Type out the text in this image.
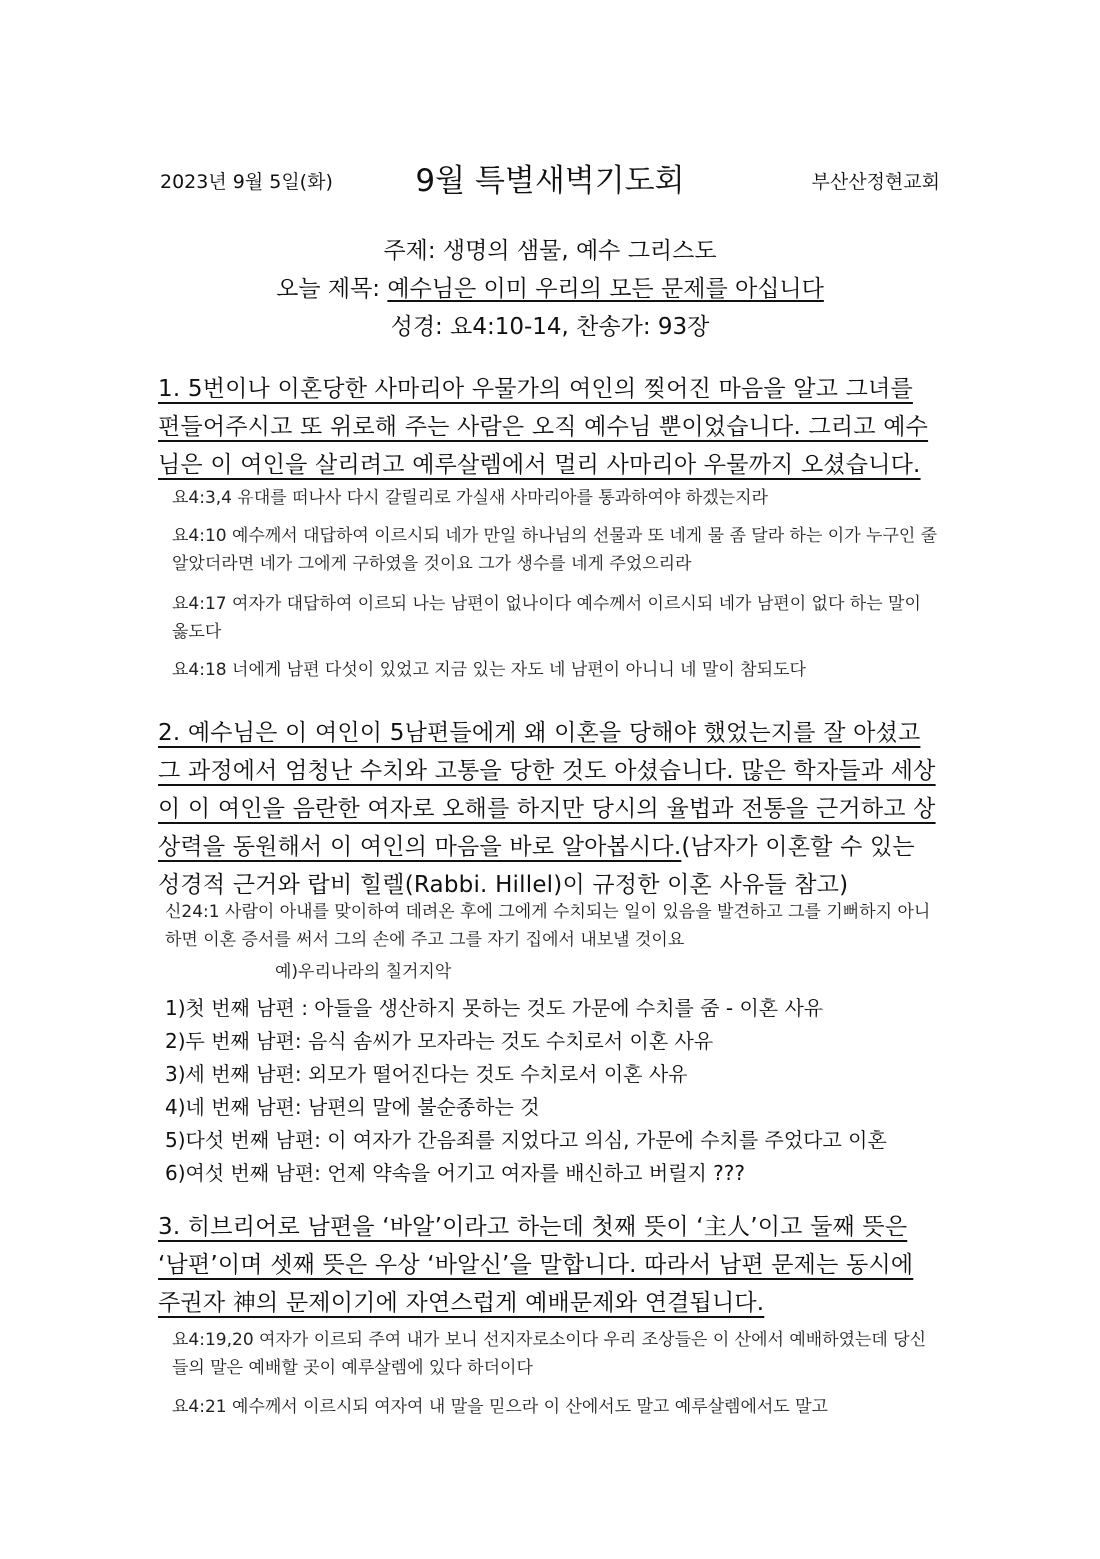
9월 특별새벽기도회
2023년 9월 5일(화)	부산산정현교회
주제: 생명의 샘물, 예수 그리스도
오늘 제목: 예수님은 이미 우리의 모든 문제를 아십니다
성경: 요4:10-14, 찬송가: 93장
1. 5번이나 이혼당한 사마리아 우물가의 여인의 찢어진 마음을 알고 그녀를 편들어주시고 또 위로해 주는 사람은 오직 예수님 뿐이었습니다. 그리고 예수님은 이 여인을 살리려고 예루살렘에서 멀리 사마리아 우물까지 오셨습니다.
요4:3,4 유대를 떠나사 다시 갈릴리로 가실새 사마리아를 통과하여야 하겠는지라
요4:10 예수께서 대답하여 이르시되 네가 만일 하나님의 선물과 또 네게 물 좀 달라 하는 이가 누구인 줄 알았더라면 네가 그에게 구하였을 것이요 그가 생수를 네게 주었으리라
요4:17 여자가 대답하여 이르되 나는 남편이 없나이다 예수께서 이르시되 네가 남편이 없다 하는 말이 옳도다
요4:18 너에게 남편 다섯이 있었고 지금 있는 자도 네 남편이 아니니 네 말이 참되도다
2. 예수님은 이 여인이 5남편들에게 왜 이혼을 당해야 했었는지를 잘 아셨고 그 과정에서 엄청난 수치와 고통을 당한 것도 아셨습니다. 많은 학자들과 세상이 이 여인을 음란한 여자로 오해를 하지만 당시의 율법과 전통을 근거하고 상상력을 동원해서 이 여인의 마음을 바로 알아봅시다.(남자가 이혼할 수 있는 성경적 근거와 랍비 힐렐(Rabbi. Hillel)이 규정한 이혼 사유들 참고)
신24:1 사람이 아내를 맞이하여 데려온 후에 그에게 수치되는 일이 있음을 발견하고 그를 기뻐하지 아니하면 이혼 증서를 써서 그의 손에 주고 그를 자기 집에서 내보낼 것이요
예)우리나라의 칠거지악
1)첫 번째 남편 : 아들을 생산하지 못하는 것도 가문에 수치를 줌 - 이혼 사유
2)두 번째 남편: 음식 솜씨가 모자라는 것도 수치로서 이혼 사유
3)세 번째 남편: 외모가 떨어진다는 것도 수치로서 이혼 사유
4)네 번째 남편: 남편의 말에 불순종하는 것
5)다섯 번째 남편: 이 여자가 간음죄를 지었다고 의심, 가문에 수치를 주었다고 이혼
6)여섯 번째 남편: 언제 약속을 어기고 여자를 배신하고 버릴지 ???
3. 히브리어로 남편을 ‘바알’이라고 하는데 첫째 뜻이 ‘主人’이고 둘째 뜻은 ‘남편’이며 셋째 뜻은 우상 ‘바알신’을 말합니다. 따라서 남편 문제는 동시에 주권자 神의 문제이기에 자연스럽게 예배문제와 연결됩니다.
요4:19,20 여자가 이르되 주여 내가 보니 선지자로소이다 우리 조상들은 이 산에서 예배하였는데 당신들의 말은 예배할 곳이 예루살렘에 있다 하더이다
요4:21 예수께서 이르시되 여자여 내 말을 믿으라 이 산에서도 말고 예루살렘에서도 말고
